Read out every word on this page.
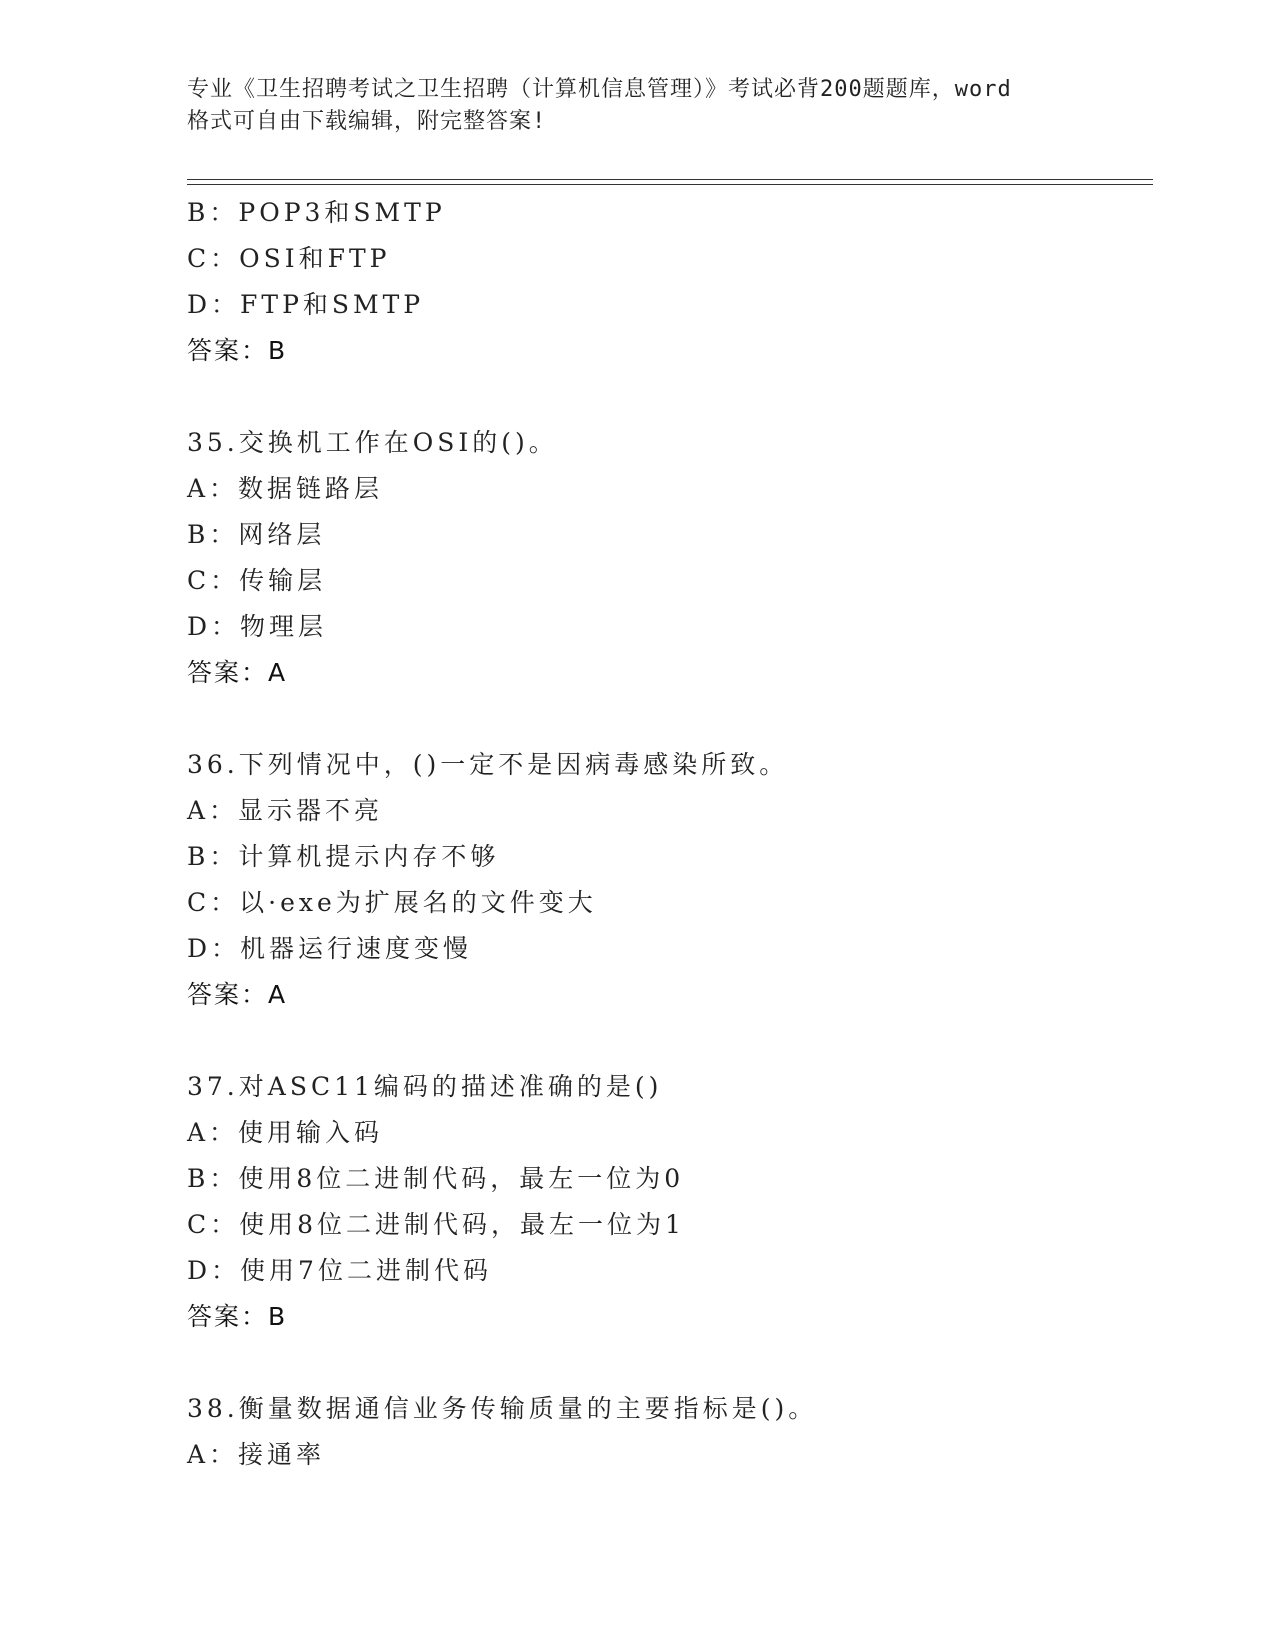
专业《卫生招聘考试之卫生招聘（计算机信息管理）》考试必背200题题库，word
格式可自由下载编辑，附完整答案!
B：POP3和SMTP
C：OSI和FTP
D：FTP和SMTP
答案：B
35.交换机工作在OSI的()。
A：数据链路层
B：网络层
C：传输层
D：物理层
答案：A
36.下列情况中，()一定不是因病毒感染所致。
A：显示器不亮
B：计算机提示内存不够
C：以·exe为扩展名的文件变大
D：机器运行速度变慢
答案：A
37.对ASC11编码的描述准确的是()
A：使用输入码
B：使用8位二进制代码，最左一位为0
C：使用8位二进制代码，最左一位为1
D：使用7位二进制代码
答案：B
38.衡量数据通信业务传输质量的主要指标是()。
A：接通率
